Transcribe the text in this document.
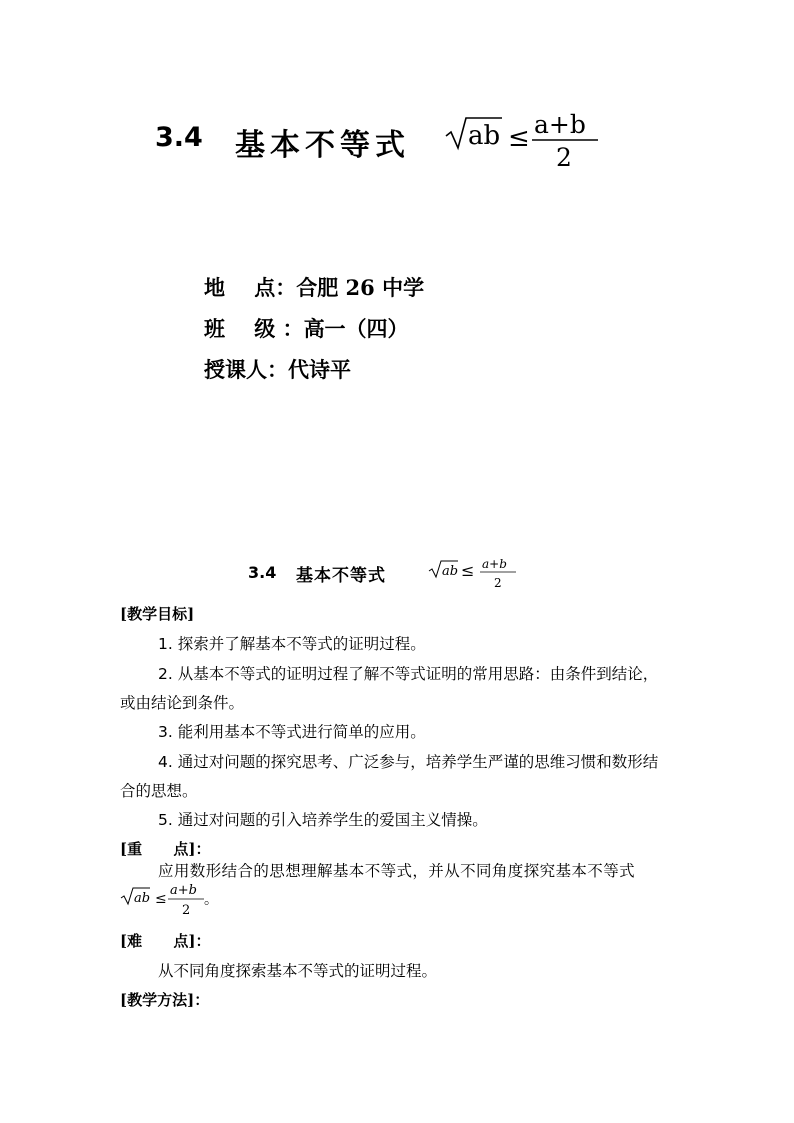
3.4 基本不等式 ab ≤ a+b
2
地    点：合肥 26 中学
班    级 ：高一（四）
授课人：代诗平
3.4 基本不等式	ab ≤ a+b
2
[教学目标]
1. 探索并了解基本不等式的证明过程。
2. 从基本不等式的证明过程了解不等式证明的常用思路：由条件到结论，
或由结论到条件。
3. 能利用基本不等式进行简单的应用。
4. 通过对问题的探究思考、广泛参与，培养学生严谨的思维习惯和数形结
合的思想。
5. 通过对问题的引入培养学生的爱国主义情操。
[重      点]：
应用数形结合的思想理解基本不等式，并从不同角度探究基本不等式
ab ≤
a+b
2
。
[难      点]：
从不同角度探索基本不等式的证明过程。
[教学方法]：
